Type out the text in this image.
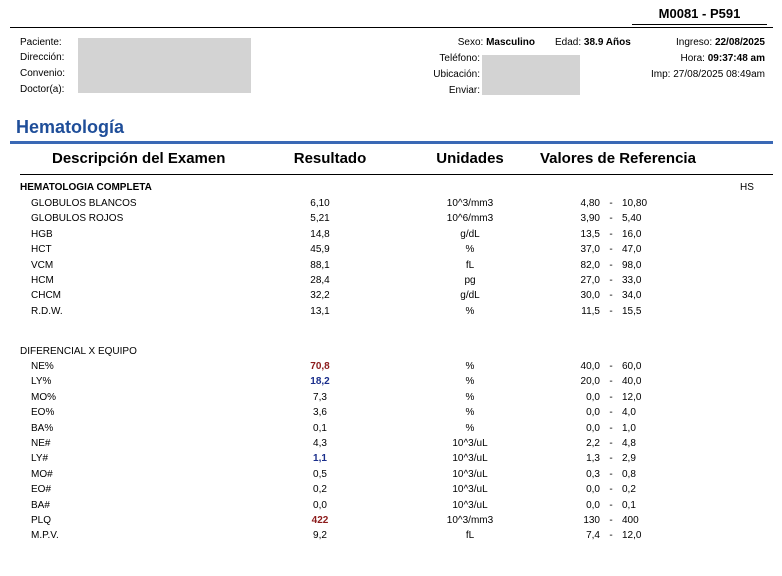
M0081 - P591
Paciente:
Dirección:
Convenio:
Doctor(a):
Sexo: Masculino Edad: 38.9 Años	Ingreso: 22/08/2025
Teléfono:	Hora: 09:37:48 am
Ubicación:	Imp: 27/08/2025 08:49am
Enviar:
Hematología
Descripción del Examen	Resultado	Unidades	Valores de Referencia
HEMATOLOGIA COMPLETA	HS
GLOBULOS BLANCOS	6,10	10^3/mm3	4,80 - 10,80
GLOBULOS ROJOS	5,21	10^6/mm3	3,90 - 5,40
HGB	14,8	g/dL	13,5 - 16,0
HCT	45,9	%	37,0 - 47,0
VCM	88,1	fL	82,0 - 98,0
HCM	28,4	pg	27,0 - 33,0
CHCM	32,2	g/dL	30,0 - 34,0
R.D.W.	13,1	%	11,5 - 15,5
DIFERENCIAL X EQUIPO
NE%	70,8	%	40,0 - 60,0
LY%	18,2	%	20,0 - 40,0
MO%	7,3	%	0,0 - 12,0
EO%	3,6	%	0,0 - 4,0
BA%	0,1	%	0,0 - 1,0
NE#	4,3	10^3/uL	2,2 - 4,8
LY#	1,1	10^3/uL	1,3 - 2,9
MO#	0,5	10^3/uL	0,3 - 0,8
EO#	0,2	10^3/uL	0,0 - 0,2
BA#	0,0	10^3/uL	0,0 - 0,1
PLQ	422	10^3/mm3	130 - 400
M.P.V.	9,2	fL	7,4 - 12,0
